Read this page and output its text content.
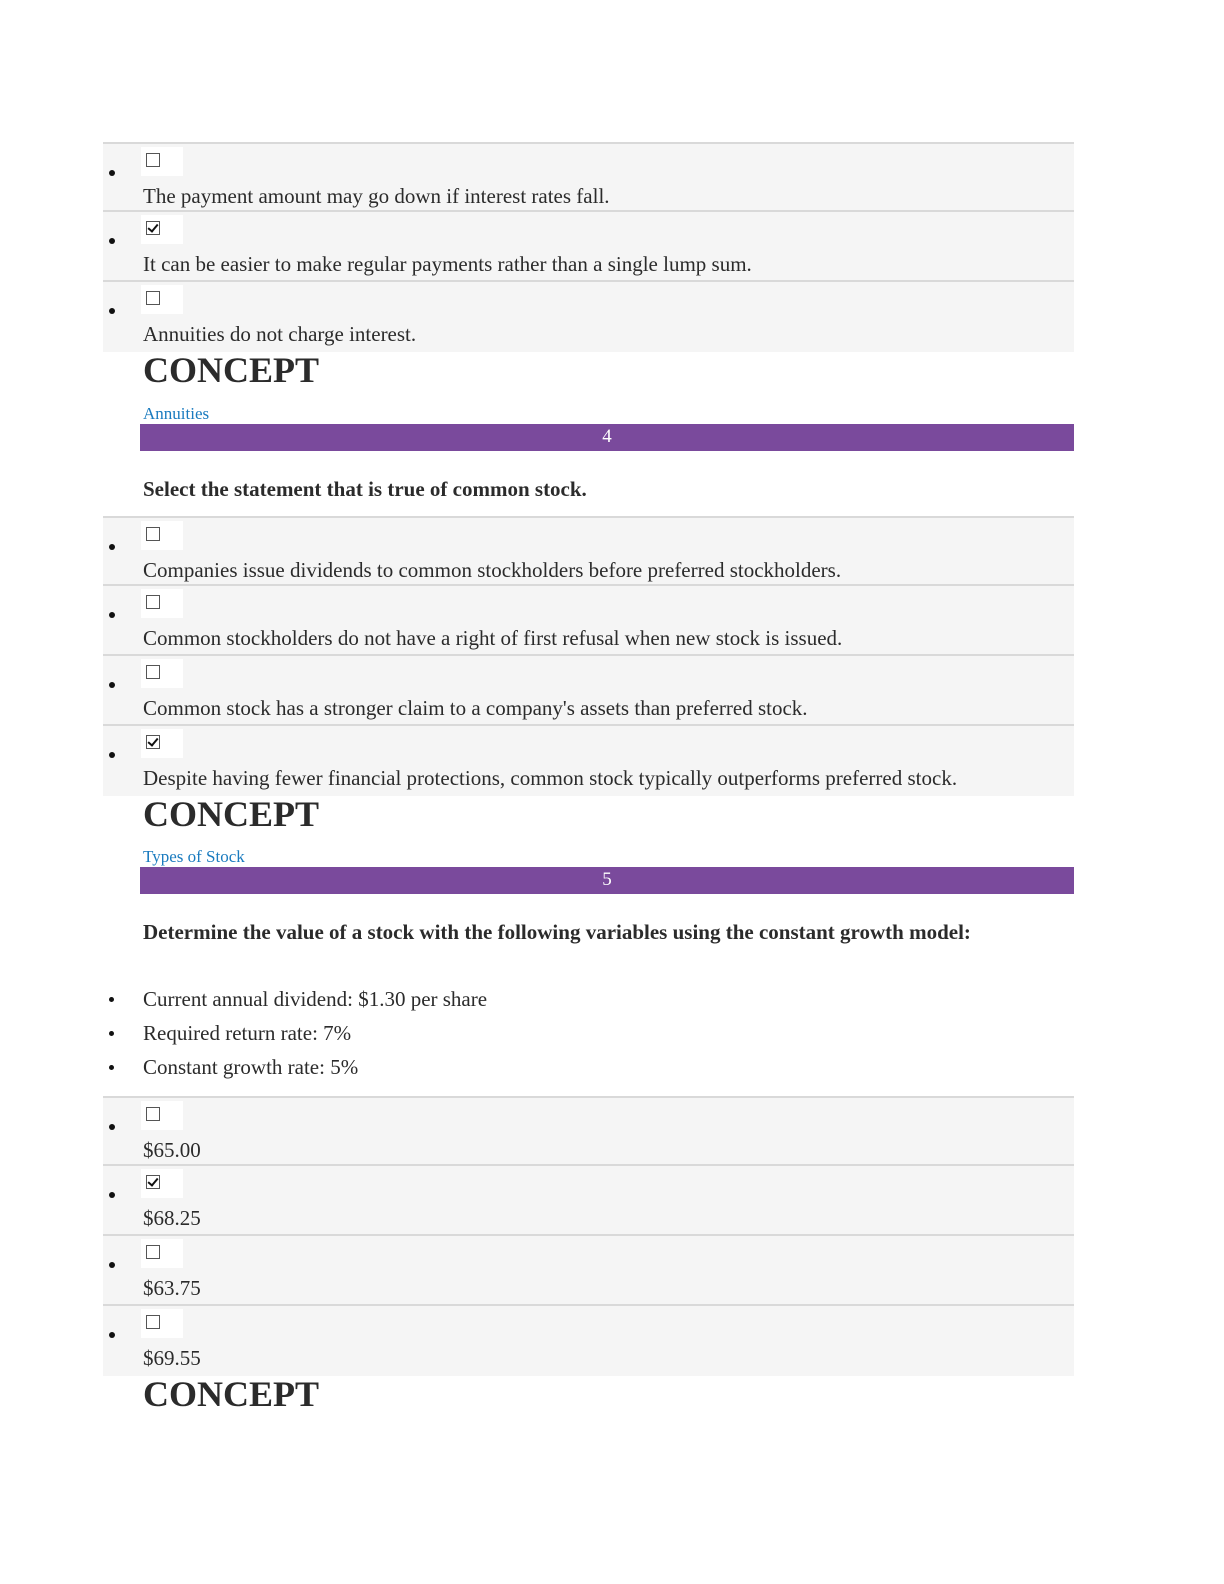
The payment amount may go down if interest rates fall.
It can be easier to make regular payments rather than a single lump sum.
Annuities do not charge interest.
CONCEPT
Annuities
4
Select the statement that is true of common stock.
Companies issue dividends to common stockholders before preferred stockholders.
Common stockholders do not have a right of first refusal when new stock is issued.
Common stock has a stronger claim to a company's assets than preferred stock.
Despite having fewer financial protections, common stock typically outperforms preferred stock.
CONCEPT
Types of Stock
5
Determine the value of a stock with the following variables using the constant growth model:
Current annual dividend: $1.30 per share
Required return rate: 7%
Constant growth rate: 5%
$65.00
$68.25
$63.75
$69.55
CONCEPT
